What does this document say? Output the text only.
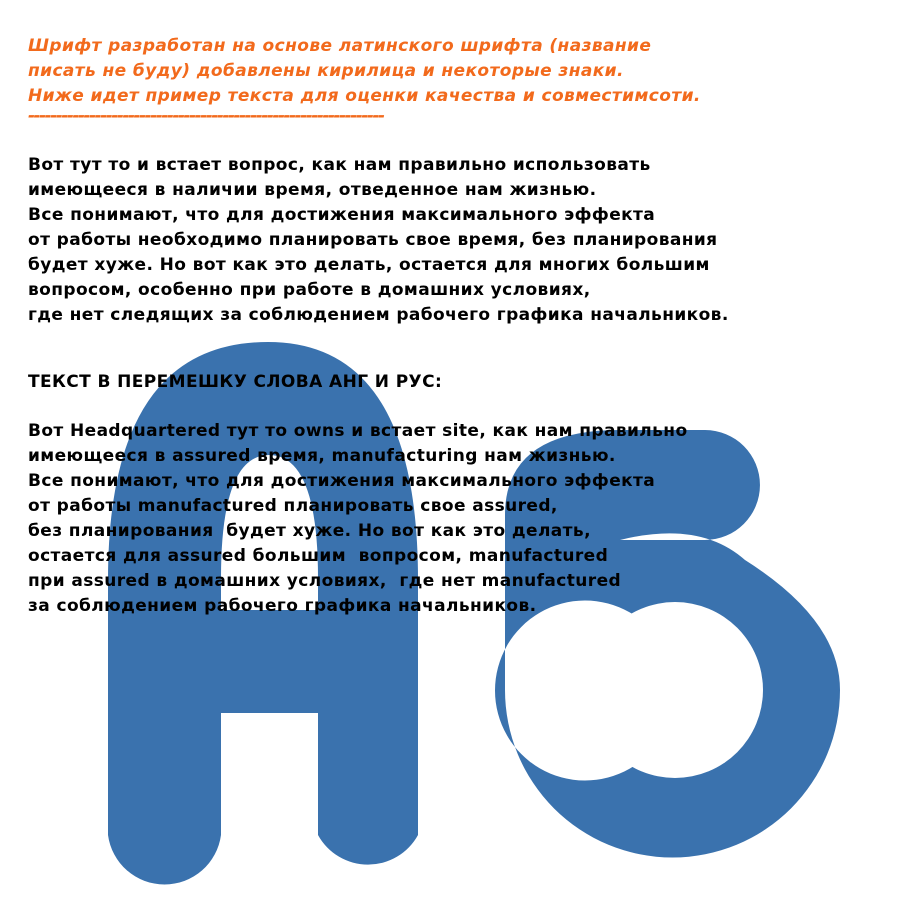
Шрифт разработан на основе латинского шрифта (название

писать не буду) добавлены кирилица и некоторые знаки.

Ниже идет пример текста для оценки качества и совместимсоти.

----------------------------------------------------------------

Вот тут то и встает вопрос, как нам правильно использовать

имеющееся в наличии время, отведенное нам жизнью.

Все понимают, что для достижения максимального эффекта

от работы необходимо планировать свое время, без планирования

будет хуже. Но вот как это делать, остается для многих большим

вопросом, особенно при работе в домашних условиях,

где нет следящих за соблюдением рабочего графика начальников.

ТЕКСТ В ПЕРЕМЕШКУ СЛОВА АНГ И РУС:

Вот Headquartered тут то owns и встает site, как нам правильно

имеющееся в assured время, manufacturing нам жизнью.

Все понимают, что для достижения максимального эффекта

от работы manufactured планировать свое assured,

без планирования  будет хуже. Но вот как это делать,

остается для assured большим  вопросом, manufactured

при assured в домашних условиях,  где нет manufactured

за соблюдением рабочего графика начальников.
